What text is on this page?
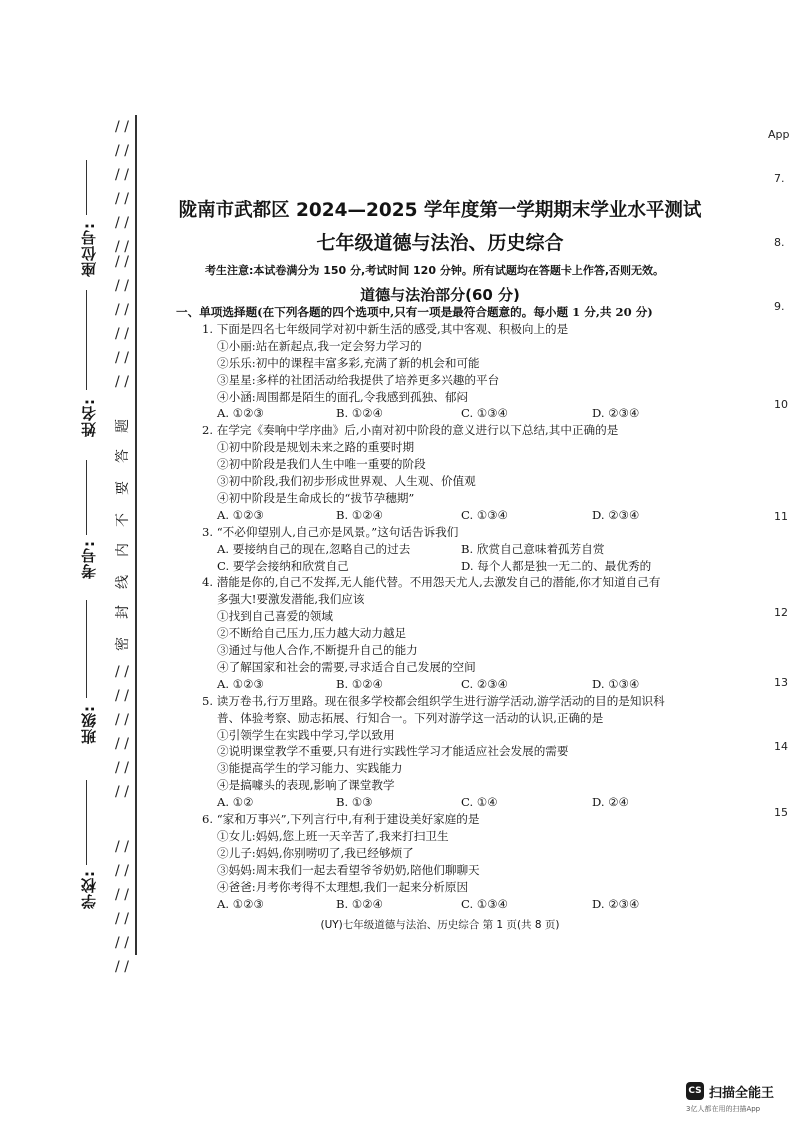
/ / / / / /
/ / / / / /
/ / / / / /
/ / / / / /
/ / / / / /
/ / / / / /
/ / / / / /
/ / / / / /
题
答
要
不
内
线
封
密
座位号:
姓名:
考号:
班级:
学校:
陇南市武都区 2024—2025 学年度第一学期期末学业水平测试
七年级道德与法治、历史综合
考生注意:本试卷满分为 150 分,考试时间 120 分钟。所有试题均在答题卡上作答,否则无效。
道德与法治部分(60 分)
一、单项选择题(在下列各题的四个选项中,只有一项是最符合题意的。每小题 1 分,共 20 分)
1. 下面是四名七年级同学对初中新生活的感受,其中客观、积极向上的是
①小丽:站在新起点,我一定会努力学习的
②乐乐:初中的课程丰富多彩,充满了新的机会和可能
③星星:多样的社团活动给我提供了培养更多兴趣的平台
④小涵:周围都是陌生的面孔,令我感到孤独、郁闷
A. ①②③	B. ①②④	C. ①③④	D. ②③④
2. 在学完《奏响中学序曲》后,小南对初中阶段的意义进行以下总结,其中正确的是
①初中阶段是规划未来之路的重要时期
②初中阶段是我们人生中唯一重要的阶段
③初中阶段,我们初步形成世界观、人生观、价值观
④初中阶段是生命成长的“拔节孕穗期”
A. ①②③	B. ①②④	C. ①③④	D. ②③④
3. “不必仰望别人,自己亦是风景。”这句话告诉我们
A. 要接纳自己的现在,忽略自己的过去	B. 欣赏自己意味着孤芳自赏
C. 要学会接纳和欣赏自己	D. 每个人都是独一无二的、最优秀的
4. 潜能是你的,自己不发挥,无人能代替。不用怨天尤人,去激发自己的潜能,你才知道自己有
多强大!要激发潜能,我们应该
①找到自己喜爱的领域
②不断给自己压力,压力越大动力越足
③通过与他人合作,不断提升自己的能力
④了解国家和社会的需要,寻求适合自己发展的空间
A. ①②③	B. ①②④	C. ②③④	D. ①③④
5. 读万卷书,行万里路。现在很多学校都会组织学生进行游学活动,游学活动的目的是知识科
普、体验考察、励志拓展、行知合一。下列对游学这一活动的认识,正确的是
①引领学生在实践中学习,学以致用
②说明课堂教学不重要,只有进行实践性学习才能适应社会发展的需要
③能提高学生的学习能力、实践能力
④是搞噱头的表现,影响了课堂教学
A. ①②	B. ①③	C. ①④	D. ②④
6. “家和万事兴”,下列言行中,有利于建设美好家庭的是
①女儿:妈妈,您上班一天辛苦了,我来打扫卫生
②儿子:妈妈,你别唠叨了,我已经够烦了
③妈妈:周末我们一起去看望爷爷奶奶,陪他们聊聊天
④爸爸:月考你考得不太理想,我们一起来分析原因
A. ①②③	B. ①②④	C. ①③④	D. ②③④
(UY)七年级道德与法治、历史综合 第 1 页(共 8 页)
App
7.
8.
9.
10
11
12
13
14
15
CS 扫描全能王
3亿人都在用的扫描App
